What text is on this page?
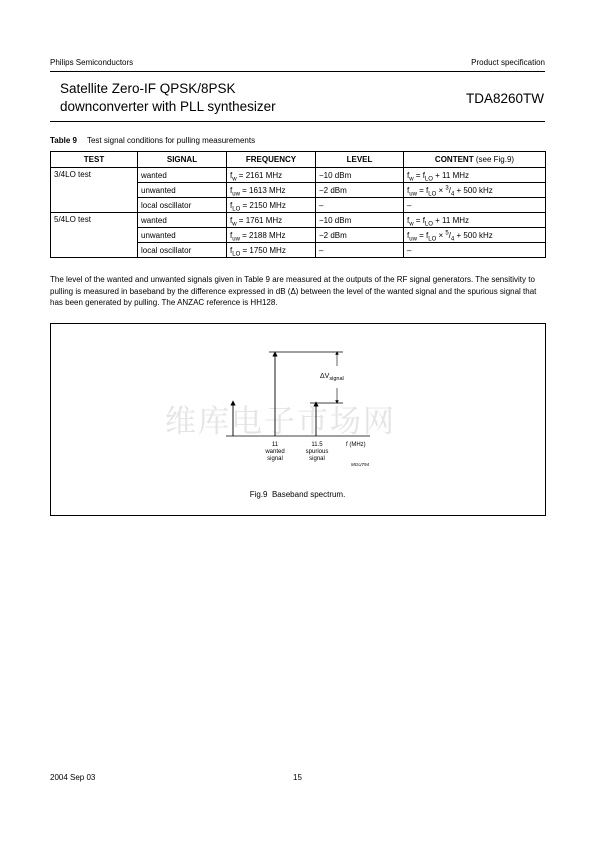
Philips Semiconductors	Product specification
Satellite Zero-IF QPSK/8PSK
downconverter with PLL synthesizer
TDA8260TW
Table 9 Test signal conditions for pulling measurements
TEST	SIGNAL	FREQUENCY	LEVEL	CONTENT (see Fig.9)
3/4LO test	wanted	$f_w = 2161$ MHz	−10 dBm	$f_w = f_{LO} + 11$ MHz
	unwanted	$f_{uw} = 1613$ MHz	−2 dBm	$f_{uw} = f_{LO} \times ^3/_4 + 500$ kHz
	local oscillator	$f_{LO} = 2150$ MHz	–	–
5/4LO test	wanted	$f_w = 1761$ MHz	−10 dBm	$f_w = f_{LO} + 11$ MHz
	unwanted	$f_{uw} = 2188$ MHz	−2 dBm	$f_{uw} = f_{LO} \times ^5/_4 + 500$ kHz
	local oscillator	$f_{LO} = 1750$ MHz	–	–
The level of the wanted and unwanted signals given in Table 9 are measured at the outputs of the RF signal generators. The sensitivity to pulling is measured in baseband by the difference expressed in dB (Δ) between the level of the wanted signal and the spurious signal that has been generated by pulling. The ANZAC reference is HH128.
维库电子市场网
$\Delta V_{signal}$
11
wanted
signal
11.5
spurious
signal
f (MHz)
MGU794
Fig.9 Baseband spectrum.
2004 Sep 03	15
